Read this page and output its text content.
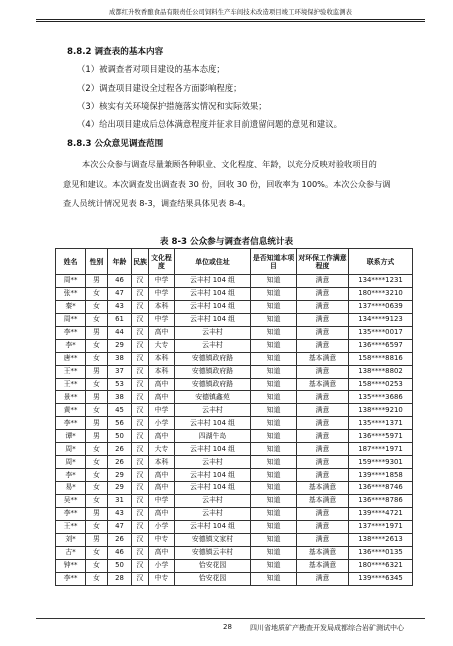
成都红升牧香酿食品有限责任公司饲料生产车间技术改造项目竣工环境保护验收监测表
8.8.2 调查表的基本内容
（1）被调查者对项目建设的基本态度；
（2）调查项目建设全过程各方面影响程度；
（3）核实有关环境保护措施落实情况和实际效果；
（4）给出项目建成后总体满意程度并征求目前遗留问题的意见和建议。
8.8.3 公众意见调查范围
本次公众参与调查尽量兼顾各种职业、文化程度、年龄，以充分反映对验收项目的
意见和建议。本次调查发出调查表 30 份，回收 30 份，回收率为 100%。本次公众参与调
查人员统计情况见表 8-3，调查结果具体见表 8-4。
表 8-3 公众参与调查者信息统计表
姓名	性别	年龄	民族	文化程度	单位或住址	是否知道本项目	对环保工作满意程度	联系方式
周**	男	46	汉	中学	云丰村 104 组	知道	满意	134****1231
张**	女	47	汉	中学	云丰村 104 组	知道	满意	180****3210
秦*	女	43	汉	本科	云丰村 104 组	知道	满意	137****0639
周**	女	61	汉	中学	云丰村 104 组	知道	满意	134****9123
李**	男	44	汉	高中	云丰村	知道	满意	135****0017
李*	女	29	汉	大专	云丰村	知道	满意	136****6597
唐**	女	38	汉	本科	安德镇政府路	知道	基本满意	158****8816
王**	男	37	汉	本科	安德镇政府路	知道	满意	138****8802
王**	女	53	汉	高中	安德镇政府路	知道	基本满意	158****0253
景**	男	38	汉	高中	安德镇鑫苑	知道	满意	135****3686
黄**	女	45	汉	中学	云丰村	知道	满意	138****9210
李**	男	56	汉	小学	云丰村 104 组	知道	满意	135****1371
谭*	男	50	汉	高中	四湖牛岛	知道	满意	136****5971
周*	女	26	汉	大专	云丰村 104 组	知道	满意	187****1971
周*	女	26	汉	本科	云丰村	知道	满意	159****9301
李*	女	29	汉	高中	云丰村 104 组	知道	满意	139****1858
易*	女	29	汉	高中	云丰村 104 组	知道	基本满意	136****8746
吴**	女	31	汉	中学	云丰村	知道	基本满意	136****8786
李**	男	43	汉	高中	云丰村	知道	满意	139****4721
王**	女	47	汉	小学	云丰村 104 组	知道	满意	137****1971
刘*	男	26	汉	中专	安德镇文家村	知道	满意	138****2613
古*	女	46	汉	高中	安德镇云丰村	知道	基本满意	136****0135
钟**	女	50	汉	小学	恰安花园	知道	基本满意	180****6321
李**	女	28	汉	中专	恰安花园	知道	满意	139****6345
28	四川省地质矿产勘查开发局成都综合岩矿测试中心
